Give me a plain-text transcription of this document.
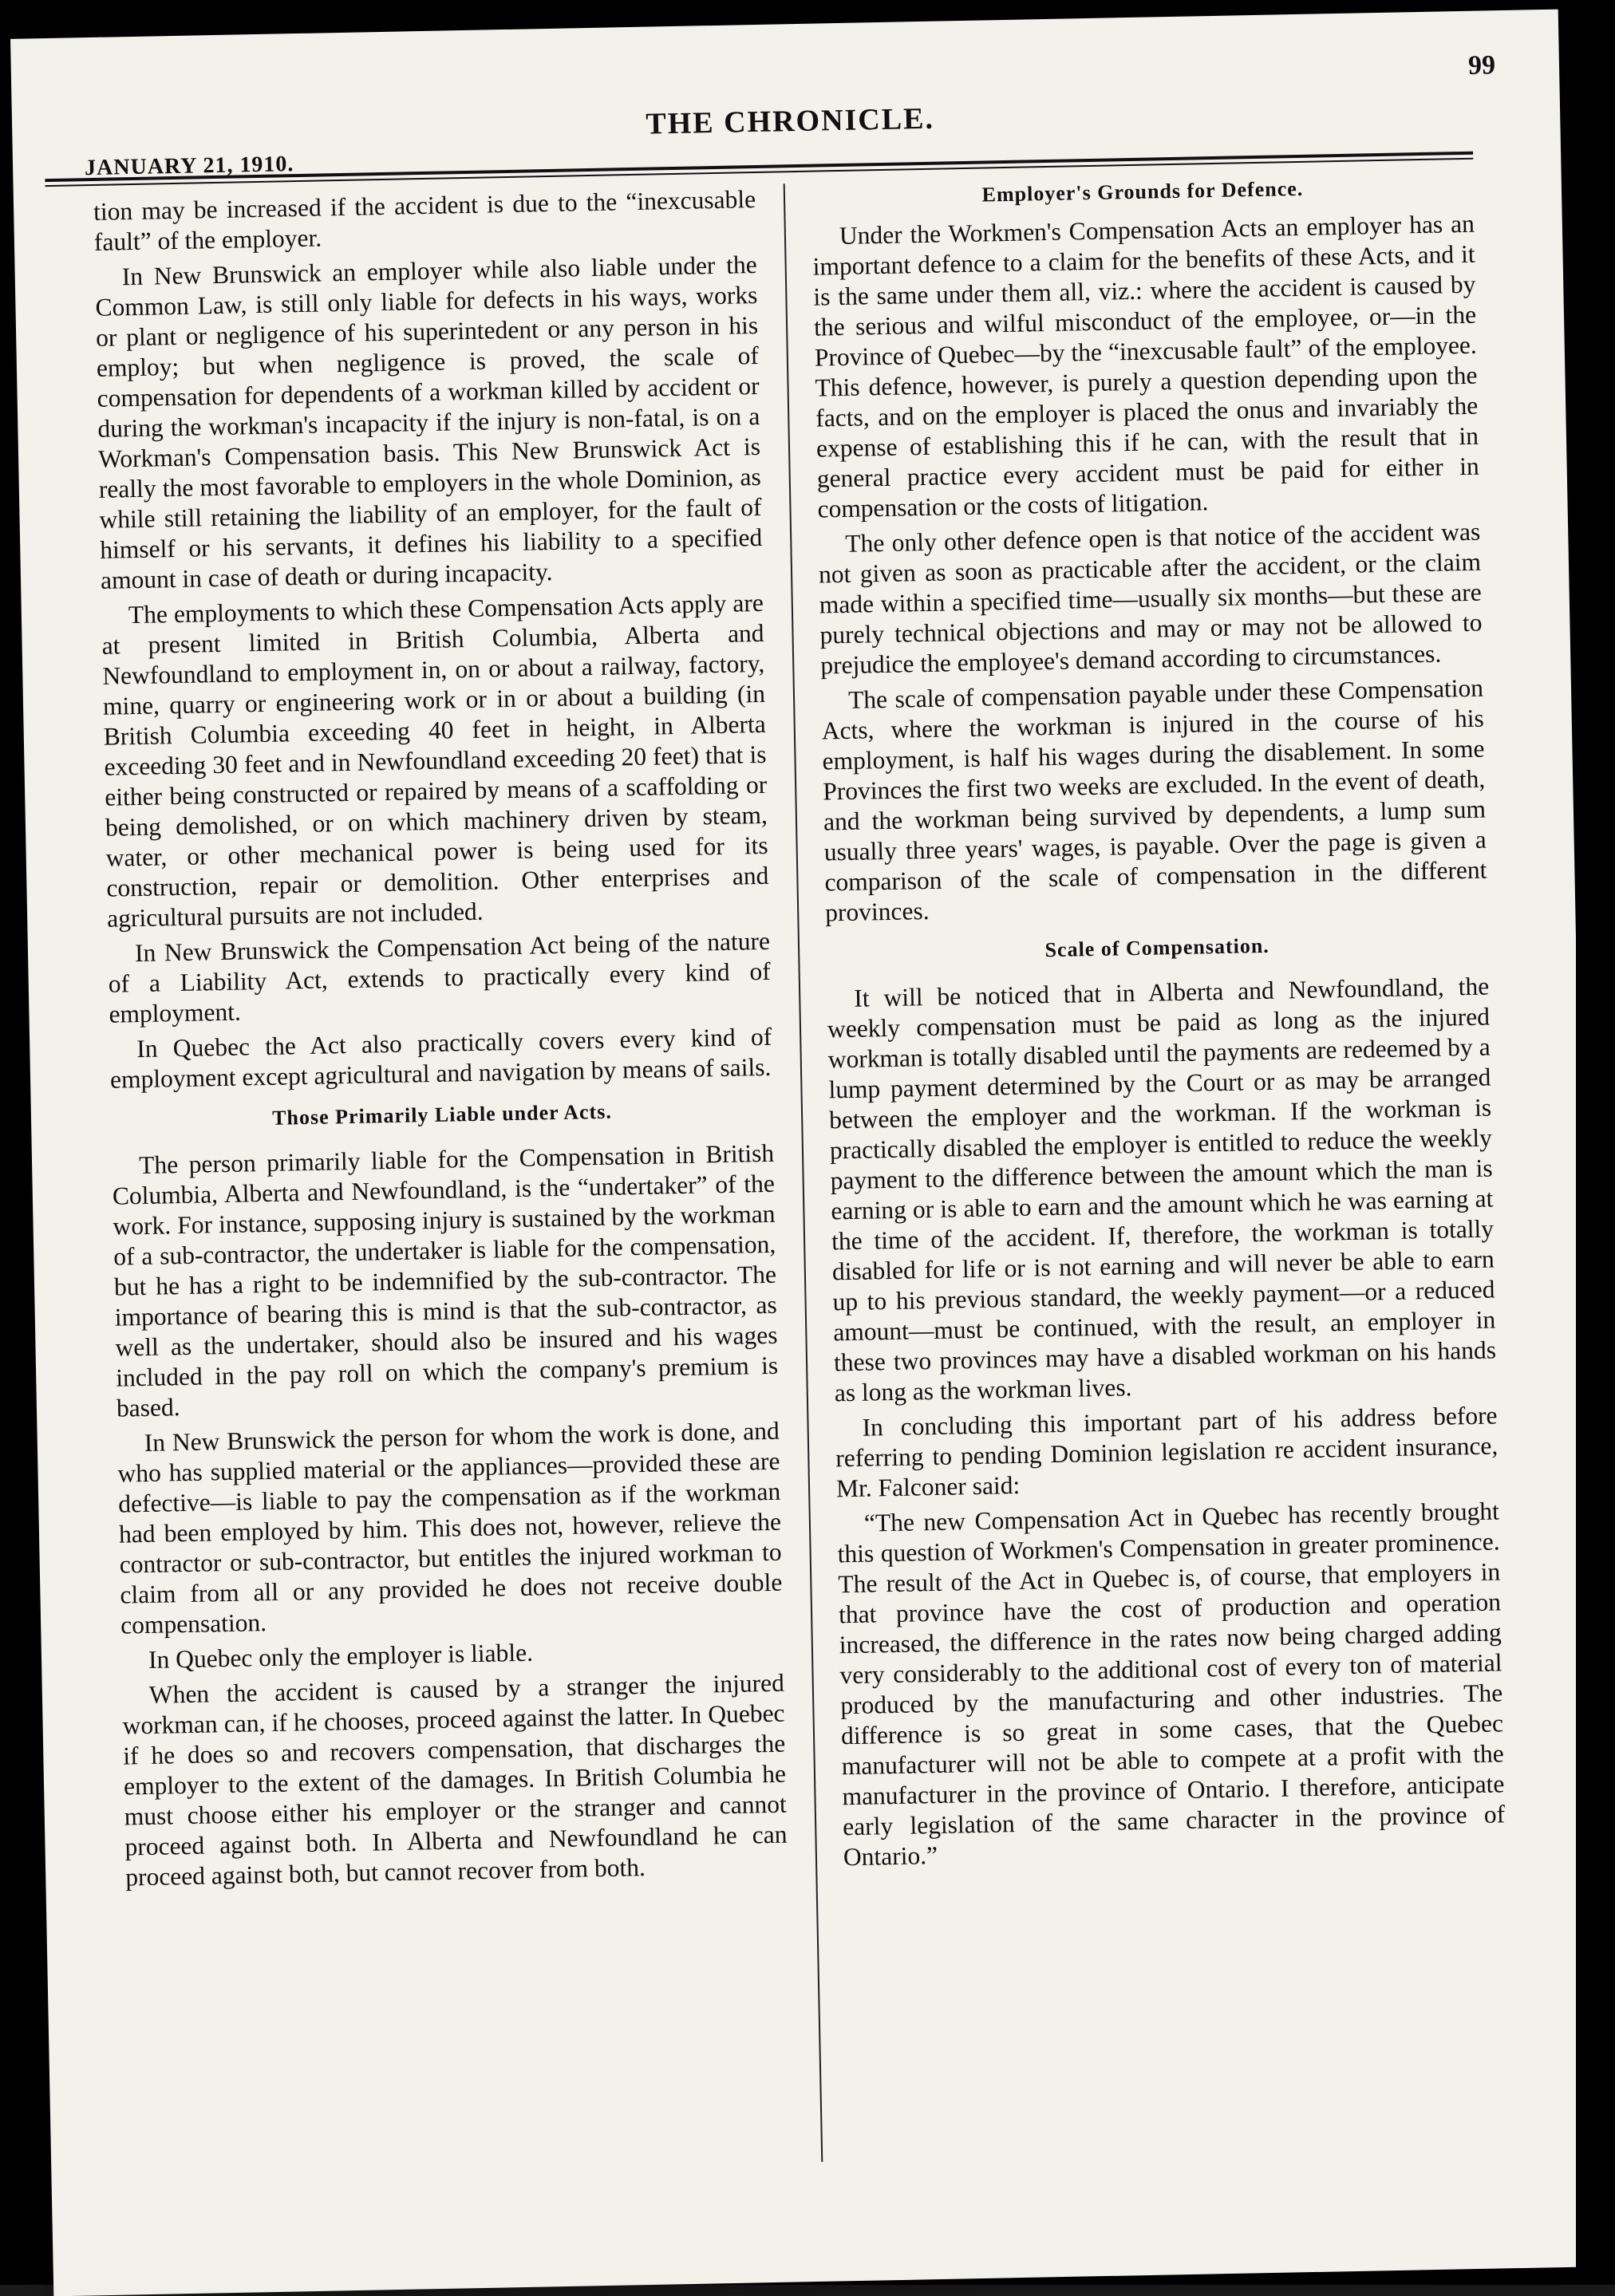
99
THE CHRONICLE.
JANUARY 21, 1910.

tion may be increased if the accident is due to the “inexcusable fault” of the employer.

In New Brunswick an employer while also liable under the Common Law, is still only liable for defects in his ways, works or plant or negligence of his superintedent or any person in his employ; but when negligence is proved, the scale of compensation for dependents of a workman killed by accident or during the workman's incapacity if the injury is non-fatal, is on a Workman's Compensation basis. This New Brunswick Act is really the most favorable to employers in the whole Dominion, as while still retaining the liability of an employer, for the fault of himself or his servants, it defines his liability to a specified amount in case of death or during incapacity.

The employments to which these Compensation Acts apply are at present limited in British Columbia, Alberta and Newfoundland to employment in, on or about a railway, factory, mine, quarry or engineering work or in or about a building (in British Columbia exceeding 40 feet in height, in Alberta exceeding 30 feet and in Newfoundland exceeding 20 feet) that is either being constructed or repaired by means of a scaffolding or being demolished, or on which machinery driven by steam, water, or other mechanical power is being used for its construction, repair or demolition. Other enterprises and agricultural pursuits are not included.

In New Brunswick the Compensation Act being of the nature of a Liability Act, extends to practically every kind of employment.

In Quebec the Act also practically covers every kind of employment except agricultural and navigation by means of sails.

Those Primarily Liable under Acts.

The person primarily liable for the Compensation in British Columbia, Alberta and Newfoundland, is the “undertaker” of the work. For instance, supposing injury is sustained by the workman of a sub-contractor, the undertaker is liable for the compensation, but he has a right to be indemnified by the sub-contractor. The importance of bearing this is mind is that the sub-contractor, as well as the undertaker, should also be insured and his wages included in the pay roll on which the company's premium is based.

In New Brunswick the person for whom the work is done, and who has supplied material or the appliances—provided these are defective—is liable to pay the compensation as if the workman had been employed by him. This does not, however, relieve the contractor or sub-contractor, but entitles the injured workman to claim from all or any provided he does not receive double compensation.

In Quebec only the employer is liable.

When the accident is caused by a stranger the injured workman can, if he chooses, proceed against the latter. In Quebec if he does so and recovers compensation, that discharges the employer to the extent of the damages. In British Columbia he must choose either his employer or the stranger and cannot proceed against both. In Alberta and Newfoundland he can proceed against both, but cannot recover from both.

Employer's Grounds for Defence.

Under the Workmen's Compensation Acts an employer has an important defence to a claim for the benefits of these Acts, and it is the same under them all, viz.: where the accident is caused by the serious and wilful misconduct of the employee, or—in the Province of Quebec—by the “inexcusable fault” of the employee. This defence, however, is purely a question depending upon the facts, and on the employer is placed the onus and invariably the expense of establishing this if he can, with the result that in general practice every accident must be paid for either in compensation or the costs of litigation.

The only other defence open is that notice of the accident was not given as soon as practicable after the accident, or the claim made within a specified time—usually six months—but these are purely technical objections and may or may not be allowed to prejudice the employee's demand according to circumstances.

The scale of compensation payable under these Compensation Acts, where the workman is injured in the course of his employment, is half his wages during the disablement. In some Provinces the first two weeks are excluded. In the event of death, and the workman being survived by dependents, a lump sum usually three years' wages, is payable. Over the page is given a comparison of the scale of compensation in the different provinces.

Scale of Compensation.

It will be noticed that in Alberta and Newfoundland, the weekly compensation must be paid as long as the injured workman is totally disabled until the payments are redeemed by a lump payment determined by the Court or as may be arranged between the employer and the workman. If the workman is practically disabled the employer is entitled to reduce the weekly payment to the difference between the amount which the man is earning or is able to earn and the amount which he was earning at the time of the accident. If, therefore, the workman is totally disabled for life or is not earning and will never be able to earn up to his previous standard, the weekly payment—or a reduced amount—must be continued, with the result, an employer in these two provinces may have a disabled workman on his hands as long as the workman lives.

In concluding this important part of his address before referring to pending Dominion legislation re accident insurance, Mr. Falconer said:

“The new Compensation Act in Quebec has recently brought this question of Workmen's Compensation in greater prominence. The result of the Act in Quebec is, of course, that employers in that province have the cost of production and operation increased, the difference in the rates now being charged adding very considerably to the additional cost of every ton of material produced by the manufacturing and other industries. The difference is so great in some cases, that the Quebec manufacturer will not be able to compete at a profit with the manufacturer in the province of Ontario. I therefore, anticipate early legislation of the same character in the province of Ontario.”
